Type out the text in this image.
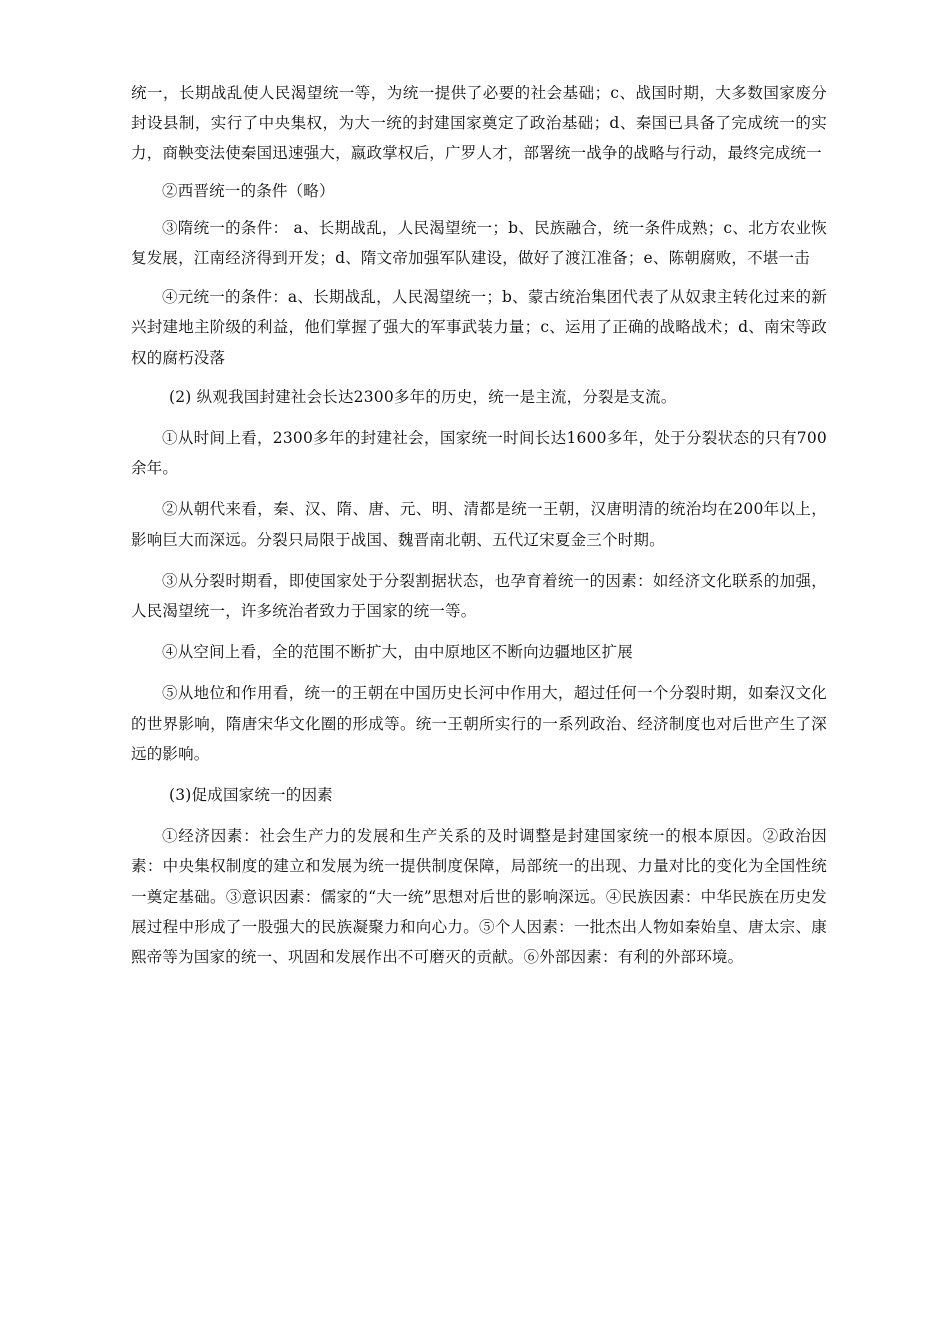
统一，长期战乱使人民渴望统一等，为统一提供了必要的社会基础；c、战国时期，大多数国家废分封设县制，实行了中央集权，为大一统的封建国家奠定了政治基础；d、秦国已具备了完成统一的实力，商鞅变法使秦国迅速强大，嬴政掌权后，广罗人才，部署统一战争的战略与行动，最终完成统一

②西晋统一的条件（略）

③隋统一的条件： a、长期战乱，人民渴望统一；b、民族融合，统一条件成熟；c、北方农业恢复发展，江南经济得到开发；d、隋文帝加强军队建设，做好了渡江准备；e、陈朝腐败，不堪一击

④元统一的条件：a、长期战乱，人民渴望统一；b、蒙古统治集团代表了从奴隶主转化过来的新兴封建地主阶级的利益，他们掌握了强大的军事武装力量；c、运用了正确的战略战术；d、南宋等政权的腐朽没落

(2) 纵观我国封建社会长达2300多年的历史，统一是主流，分裂是支流。

①从时间上看，2300多年的封建社会，国家统一时间长达1600多年，处于分裂状态的只有700余年。

②从朝代来看，秦、汉、隋、唐、元、明、清都是统一王朝，汉唐明清的统治均在200年以上，影响巨大而深远。分裂只局限于战国、魏晋南北朝、五代辽宋夏金三个时期。

③从分裂时期看，即使国家处于分裂割据状态，也孕育着统一的因素：如经济文化联系的加强，人民渴望统一，许多统治者致力于国家的统一等。

④从空间上看，全的范围不断扩大，由中原地区不断向边疆地区扩展

⑤从地位和作用看，统一的王朝在中国历史长河中作用大，超过任何一个分裂时期，如秦汉文化的世界影响，隋唐宋华文化圈的形成等。统一王朝所实行的一系列政治、经济制度也对后世产生了深远的影响。

(3)促成国家统一的因素

①经济因素：社会生产力的发展和生产关系的及时调整是封建国家统一的根本原因。②政治因素：中央集权制度的建立和发展为统一提供制度保障，局部统一的出现、力量对比的变化为全国性统一奠定基础。③意识因素：儒家的“大一统”思想对后世的影响深远。④民族因素：中华民族在历史发展过程中形成了一股强大的民族凝聚力和向心力。⑤个人因素：一批杰出人物如秦始皇、唐太宗、康熙帝等为国家的统一、巩固和发展作出不可磨灭的贡献。⑥外部因素：有利的外部环境。
